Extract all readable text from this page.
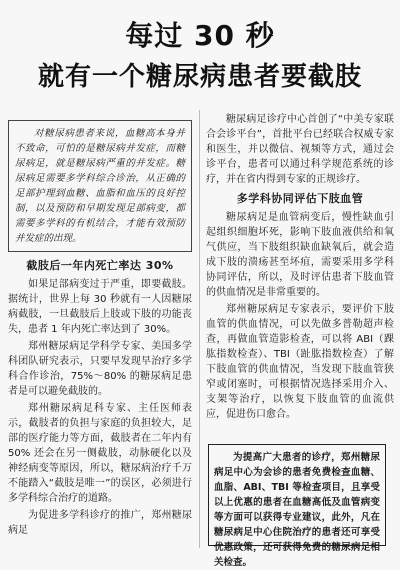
每过 30 秒
就有一个糖尿病患者要截肢

对糖尿病患者来说，血糖高本身并不致命，可怕的是糖尿病并发症，而糖尿病足，就是糖尿病严重的并发症。糖尿病足需要多学科综合诊治，从正确的足部护理到血糖、血脂和血压的良好控制，以及预防和早期发现足部病变，都需要多学科的有机结合，才能有效预防并发症的出现。

截肢后一年内死亡率达 30%

如果足部病变过于严重，即要截肢。据统计，世界上每 30 秒就有一人因糖尿病截肢，一旦截肢后上肢或下肢的功能丧失，患者 1 年内死亡率达到了 30%。

郑州糖尿病足学科学专家、美国多学科团队研究表示，只要早发现早治疗多学科合作诊治，75%～80% 的糖尿病足患者是可以避免截肢的。

郑州糖尿病足科专家、主任医师表示，截肢者的负担与家庭的负担较大，足部的医疗能力等方面，截肢者在二年内有 50% 还会在另一侧截肢，动脉硬化以及神经病变等原因，所以，糖尿病治疗千万不能踏入“截肢是唯一”的误区，必须进行多学科综合治疗的道路。

为促进多学科诊疗的推广，郑州糖尿病足

糖尿病足诊疗中心首创了“中美专家联合会诊平台”，首批平台已经联合权威专家和医生，并以微信、视频等方式，通过会诊平台，患者可以通过科学规范系统的诊疗，并在省内得到专家的正规诊疗。

多学科协同评估下肢血管

糖尿病足是血管病变后，慢性缺血引起组织细胞坏死，影响下肢血液供给和氧气供应，当下肢组织缺血缺氧后，就会造成下肢的溃疡甚至坏疽，需要采用多学科协同评估，所以，及时评估患者下肢血管的供血情况是非常重要的。

郑州糖尿病足专家表示，要评价下肢血管的供血情况，可以先做多普勒超声检查，再做血管造影检查，可以将 ABI（踝肱指数检查）、TBI（趾肱指数检查）了解下肢血管的供血情况，当发现下肢血管狭窄或闭塞时，可根据情况选择采用介入、支架等治疗，以恢复下肢血管的血流供应，促进伤口愈合。

为提高广大患者的诊疗，郑州糖尿病足中心为会诊的患者免费检查血糖、血脂、ABI、TBI 等检查项目，且享受以上优惠的患者在血糖高低及血管病变等方面可以获得专业建议，此外，凡在糖尿病足中心住院治疗的患者还可享受优惠政策，还可获得免费的糖尿病足相关检查。
